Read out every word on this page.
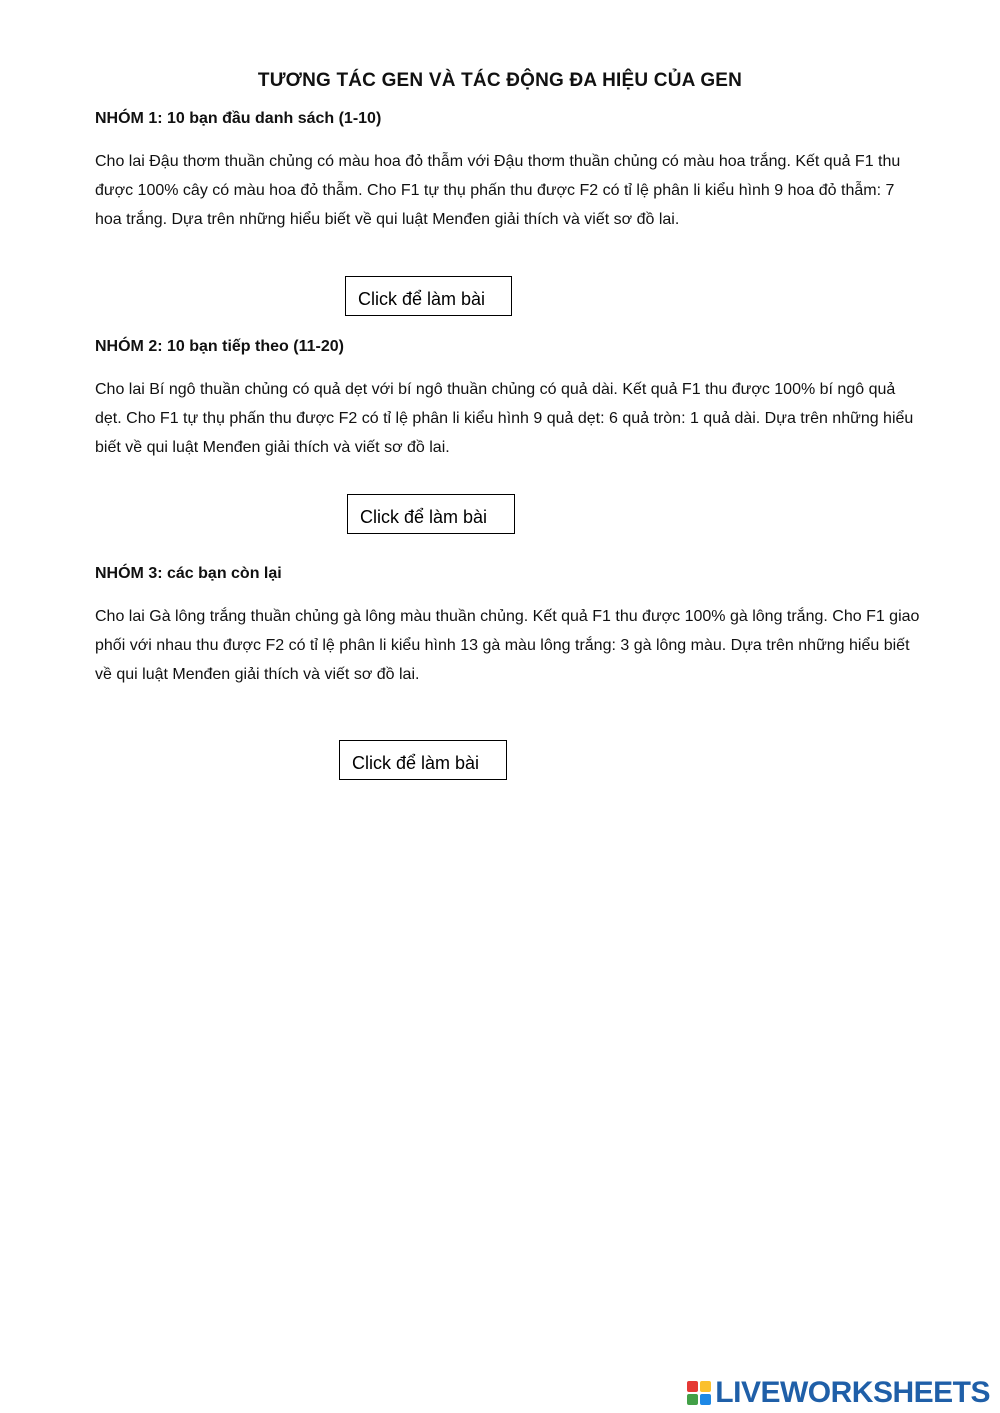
TƯƠNG TÁC GEN VÀ TÁC ĐỘNG ĐA HIỆU CỦA GEN

NHÓM 1: 10 bạn đầu danh sách (1-10)

Cho lai Đậu thơm thuần chủng có màu hoa đỏ thẫm với Đậu thơm thuần chủng có màu hoa trắng. Kết quả F1 thu được 100% cây có màu hoa đỏ thẫm. Cho F1 tự thụ phấn thu được F2 có tỉ lệ phân li kiểu hình 9 hoa đỏ thẫm: 7 hoa trắng. Dựa trên những hiểu biết về qui luật Menđen giải thích và viết sơ đồ lai.

Click để làm bài

NHÓM 2: 10 bạn tiếp theo (11-20)

Cho lai Bí ngô thuần chủng có quả dẹt với bí ngô thuần chủng có quả dài. Kết quả F1 thu được 100% bí ngô quả dẹt. Cho F1 tự thụ phấn thu được F2 có tỉ lệ phân li kiểu hình 9 quả dẹt: 6 quả tròn: 1 quả dài. Dựa trên những hiểu biết về qui luật Menđen giải thích và viết sơ đồ lai.

Click để làm bài

NHÓM 3: các bạn còn lại

Cho lai Gà lông trắng thuần chủng gà lông màu thuần chủng. Kết quả F1 thu được 100% gà lông trắng. Cho F1 giao phối với nhau thu được F2 có tỉ lệ phân li kiểu hình 13 gà màu lông trắng: 3 gà lông màu. Dựa trên những hiểu biết về qui luật Menđen giải thích và viết sơ đồ lai.

Click để làm bài
LIVEWORKSHEETS
